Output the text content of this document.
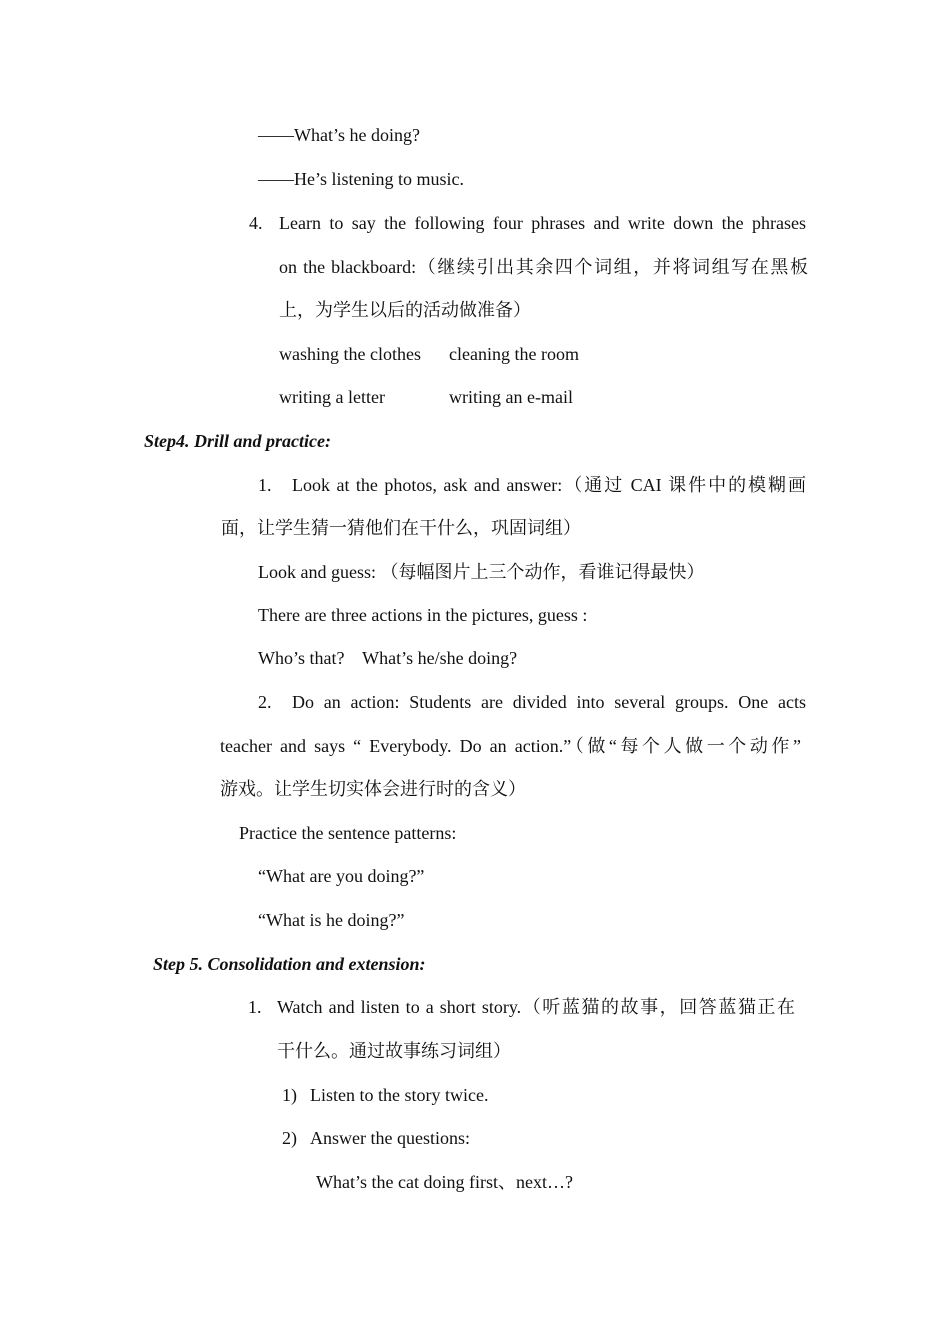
——What’s he doing?
——He’s listening to music.
4. Learn to say the following four phrases and write down the phrases
on the blackboard:（继续引出其余四个词组，并将词组写在黑板
上，为学生以后的活动做准备）
washing the clothes cleaning the room
writing a letter	writing an e-mail
Step4. Drill and practice:
1. Look at the photos, ask and answer:（通过 CAI 课件中的模糊画
面，让学生猜一猜他们在干什么，巩固词组）
Look and guess: （每幅图片上三个动作，看谁记得最快）
There are three actions in the pictures, guess :
Who’s that?    What’s he/she doing?
2. Do an action: Students are divided into several groups. One acts
teacher and says “ Everybody. Do an action.”（做“每个人做一个动作”
游戏。让学生切实体会进行时的含义）
Practice the sentence patterns:
“What are you doing?”
“What is he doing?”
Step 5. Consolidation and extension:
1. Watch and listen to a short story.（听蓝猫的故事，回答蓝猫正在
干什么。通过故事练习词组）
1) Listen to the story twice.
2) Answer the questions:
What’s the cat doing first、next…?
